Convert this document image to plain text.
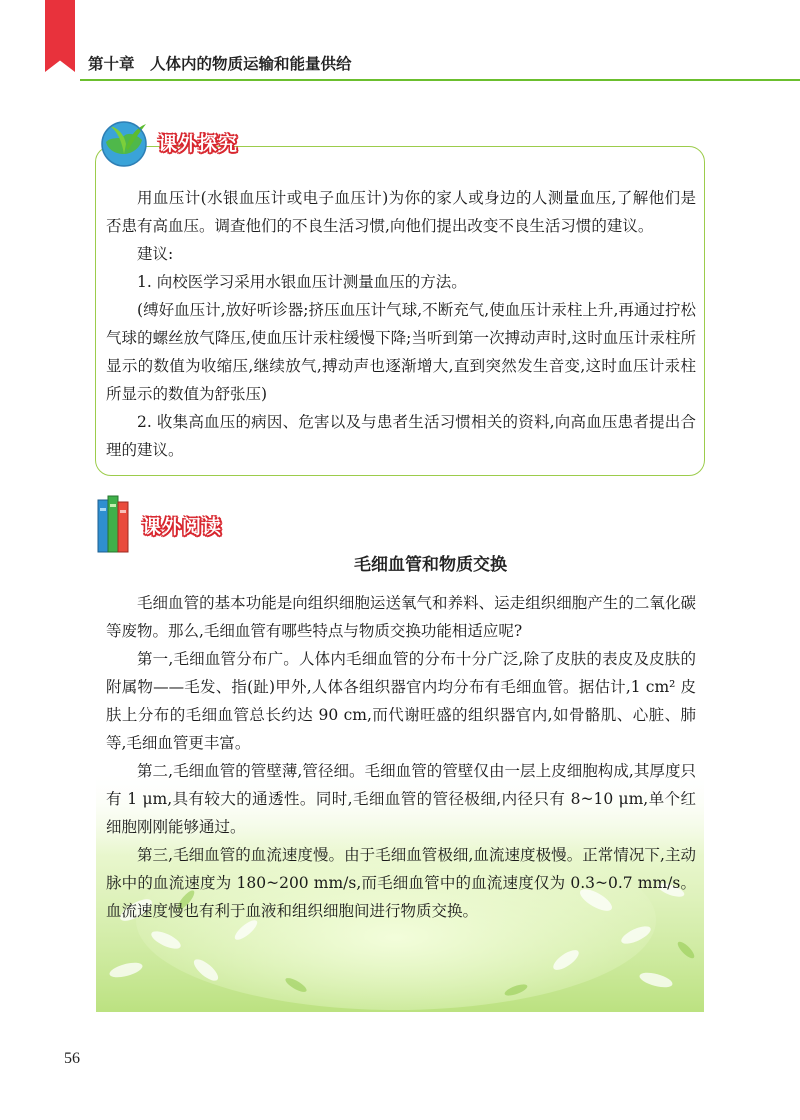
第十章　人体内的物质运输和能量供给
课外探究

用血压计(水银血压计或电子血压计)为你的家人或身边的人测量血压,了解他们是否患有高血压。调查他们的不良生活习惯,向他们提出改变不良生活习惯的建议。

建议:

1. 向校医学习采用水银血压计测量血压的方法。

(缚好血压计,放好听诊器;挤压血压计气球,不断充气,使血压计汞柱上升,再通过拧松气球的螺丝放气降压,使血压计汞柱缓慢下降;当听到第一次搏动声时,这时血压计汞柱所显示的数值为收缩压,继续放气,搏动声也逐渐增大,直到突然发生音变,这时血压计汞柱所显示的数值为舒张压)

2. 收集高血压的病因、危害以及与患者生活习惯相关的资料,向高血压患者提出合理的建议。

课外阅读
毛细血管和物质交换

毛细血管的基本功能是向组织细胞运送氧气和养料、运走组织细胞产生的二氧化碳等废物。那么,毛细血管有哪些特点与物质交换功能相适应呢?

第一,毛细血管分布广。人体内毛细血管的分布十分广泛,除了皮肤的表皮及皮肤的附属物——毛发、指(趾)甲外,人体各组织器官内均分布有毛细血管。据估计,1 cm² 皮肤上分布的毛细血管总长约达 90 cm,而代谢旺盛的组织器官内,如骨骼肌、心脏、肺等,毛细血管更丰富。

第二,毛细血管的管壁薄,管径细。毛细血管的管壁仅由一层上皮细胞构成,其厚度只有 1 μm,具有较大的通透性。同时,毛细血管的管径极细,内径只有 8~10 μm,单个红细胞刚刚能够通过。

第三,毛细血管的血流速度慢。由于毛细血管极细,血流速度极慢。正常情况下,主动脉中的血流速度为 180~200 mm/s,而毛细血管中的血流速度仅为 0.3~0.7 mm/s。血流速度慢也有利于血液和组织细胞间进行物质交换。

56
